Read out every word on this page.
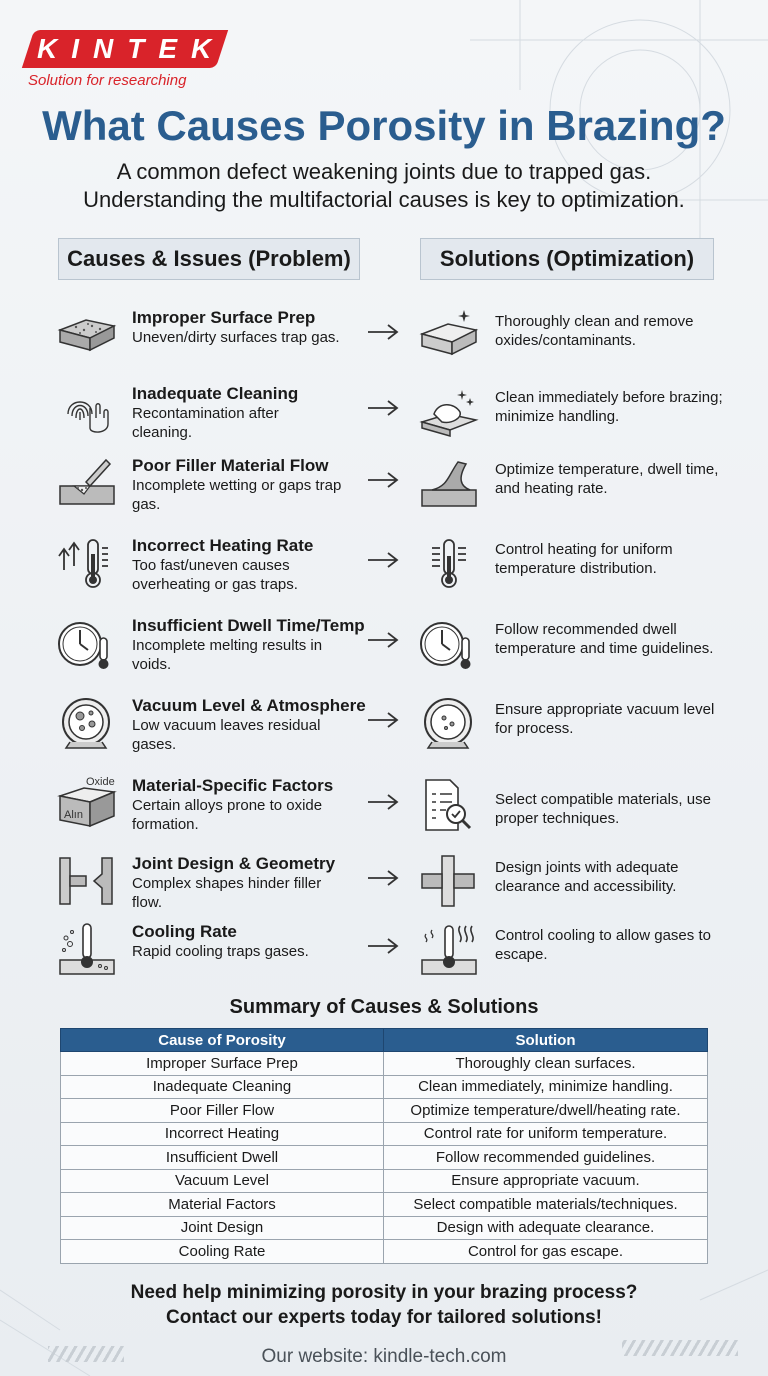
KINTEK
Solution for researching
What Causes Porosity in Brazing?
A common defect weakening joints due to trapped gas.
Understanding the multifactorial causes is key to optimization.
Causes & Issues (Problem)	Solutions (Optimization)
Improper Surface Prep
Uneven/dirty surfaces trap gas.
Thoroughly clean and remove oxides/contaminants.
Inadequate Cleaning
Recontamination after cleaning.
Clean immediately before brazing; minimize handling.
Poor Filler Material Flow
Incomplete wetting or gaps trap gas.
Optimize temperature, dwell time, and heating rate.
Incorrect Heating Rate
Too fast/uneven causes overheating or gas traps.
Control heating for uniform temperature distribution.
Insufficient Dwell Time/Temp
Incomplete melting results in voids.
Follow recommended dwell temperature and time guidelines.
Vacuum Level & Atmosphere
Low vacuum leaves residual gases.
Ensure appropriate vacuum level for process.
Oxide
Alın
Material-Specific Factors
Certain alloys prone to oxide formation.
Select compatible materials, use proper techniques.
Joint Design & Geometry
Complex shapes hinder filler flow.
Design joints with adequate clearance and accessibility.
Cooling Rate
Rapid cooling traps gases.
Control cooling to allow gases to escape.
Summary of Causes & Solutions
Cause of Porosity	Solution
Improper Surface Prep	Thoroughly clean surfaces.
Inadequate Cleaning	Clean immediately, minimize handling.
Poor Filler Flow	Optimize temperature/dwell/heating rate.
Incorrect Heating	Control rate for uniform temperature.
Insufficient Dwell	Follow recommended guidelines.
Vacuum Level	Ensure appropriate vacuum.
Material Factors	Select compatible materials/techniques.
Joint Design	Design with adequate clearance.
Cooling Rate	Control for gas escape.
Need help minimizing porosity in your brazing process?
Contact our experts today for tailored solutions!
Our website: kindle-tech.com
